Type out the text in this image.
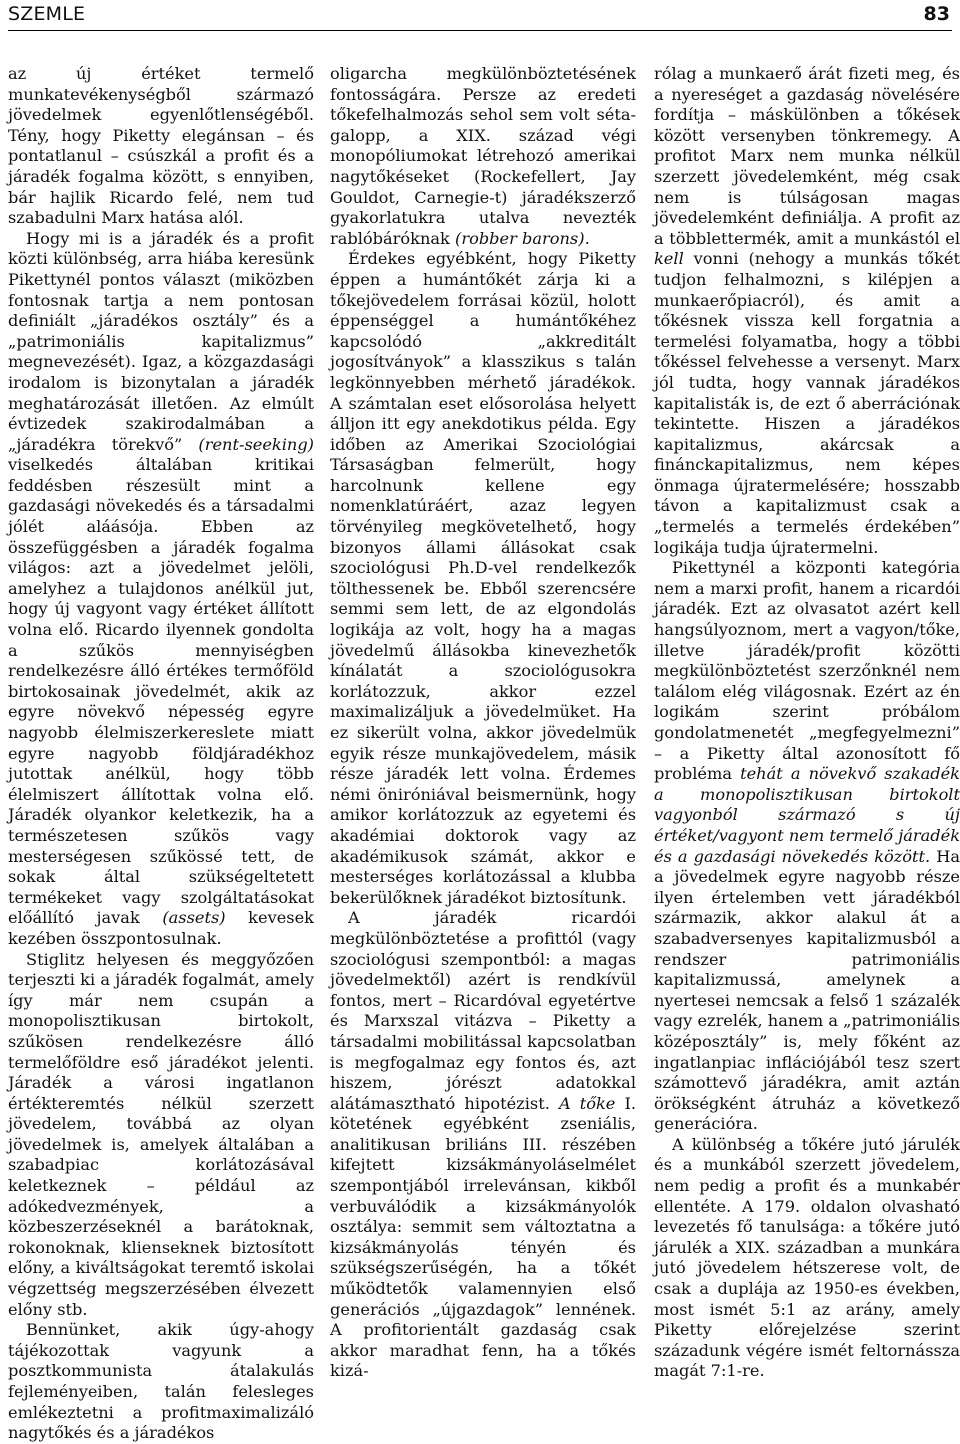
SZEMLE	83

az új értéket termelő munkatevékenységből származó jövedelmek egyenlőtlenségéből. Tény, hogy Piketty elegánsan – és pontatlanul – csúszkál a profit és a járadék fogalma között, s ennyiben, bár hajlik Ricardo felé, nem tud szabadulni Marx hatása alól.

Hogy mi is a járadék és a profit közti különbség, arra hiába keresünk Pikettynél pontos választ (miközben fontosnak tartja a nem pontosan definiált „járadékos osztály” és a „patrimoniális kapitalizmus” megnevezését). Igaz, a közgazdasági irodalom is bizonytalan a járadék meghatározását illetően. Az elmúlt évtizedek szakirodalmában a „járadékra törekvő” (rent-seeking) viselkedés általában kritikai feddésben részesült mint a gazdasági növekedés és a társadalmi jólét aláásója. Ebben az összefüggésben a járadék fogalma világos: azt a jövedelmet jelöli, amelyhez a tulajdonos anélkül jut, hogy új vagyont vagy értéket állított volna elő. Ricardo ilyennek gondolta a szűkös mennyiségben rendelkezésre álló értékes termőföld birtokosainak jövedelmét, akik az egyre növekvő népesség egyre nagyobb élelmiszerkereslete miatt egyre nagyobb földjáradékhoz jutottak anélkül, hogy több élelmiszert állítottak volna elő. Járadék olyankor keletkezik, ha a természetesen szűkös vagy mesterségesen szűkössé tett, de sokak által szükségeltetett termékeket vagy szolgáltatásokat előállító javak (assets) kevesek kezében összpontosulnak.

Stiglitz helyesen és meggyőzően terjeszti ki a járadék fogalmát, amely így már nem csupán a monopolisztikusan birtokolt, szűkösen rendelkezésre álló termelőföldre eső járadékot jelenti. Járadék a városi ingatlanon értékteremtés nélkül szerzett jövedelem, továbbá az olyan jövedelmek is, amelyek általában a szabadpiac korlátozásával keletkeznek – például az adókedvezmények, a közbeszerzéseknél a barátoknak, rokonoknak, klienseknek biztosított előny, a kiváltságokat teremtő iskolai végzettség megszerzésében élvezett előny stb.

Bennünket, akik úgy-ahogy tájékozottak vagyunk a posztkommunista átalakulás fejleményeiben, talán felesleges emlékeztetni a profitmaximalizáló nagytőkés és a járadékos

oligarcha megkülönböztetésének fontosságára. Persze az eredeti tőkefelhalmozás sehol sem volt séta-galopp, a XIX. század végi monopóliumokat létrehozó amerikai nagytőkéseket (Rockefellert, Jay Gouldot, Carnegie-t) járadékszerző gyakorlatukra utalva nevezték rablóbáróknak (robber barons).

Érdekes egyébként, hogy Piketty éppen a humántőkét zárja ki a tőkejövedelem forrásai közül, holott éppenséggel a humántőkéhez kapcsolódó „akkreditált jogosítványok” a klasszikus s talán legkönnyebben mérhető járadékok. A számtalan eset elősorolása helyett álljon itt egy anekdotikus példa. Egy időben az Amerikai Szociológiai Társaságban felmerült, hogy harcolnunk kellene egy nomenklatúráért, azaz legyen törvényileg megkövetelhető, hogy bizonyos állami állásokat csak szociológusi Ph.D-vel rendelkezők tölthessenek be. Ebből szerencsére semmi sem lett, de az elgondolás logikája az volt, hogy ha a magas jövedelmű állásokba kinevezhetők kínálatát a szociológusokra korlátozzuk, akkor ezzel maximalizáljuk a jövedelmüket. Ha ez sikerült volna, akkor jövedelmük egyik része munkajövedelem, másik része járadék lett volna. Érdemes némi öniróniával beismernünk, hogy amikor korlátozzuk az egyetemi és akadémiai doktorok vagy az akadémikusok számát, akkor e mesterséges korlátozással a klubba bekerülőknek járadékot biztosítunk.

A járadék ricardói megkülönböztetése a profittól (vagy szociológusi szempontból: a magas jövedelmektől) azért is rendkívül fontos, mert – Ricardóval egyetértve és Marxszal vitázva – Piketty a társadalmi mobilitással kapcsolatban is megfogalmaz egy fontos és, azt hiszem, jórészt adatokkal alátámasztható hipotézist. A tőke I. kötetének egyébként zseniális, analitikusan briliáns III. részében kifejtett kizsákmányoláselmélet szempontjából irrelevánsan, kikből verbuválódik a kizsákmányolók osztálya: semmit sem változtatna a kizsákmányolás tényén és szükségszerűségén, ha a tőkét működtetők valamennyien első generációs „újgazdagok” lennének. A profitorientált gazdaság csak akkor maradhat fenn, ha a tőkés kizá-

rólag a munkaerő árát fizeti meg, és a nyereséget a gazdaság növelésére fordítja – máskülönben a tőkések között versenyben tönkremegy. A profitot Marx nem munka nélkül szerzett jövedelemként, még csak nem is túlságosan magas jövedelemként definiálja. A profit az a többlettermék, amit a munkástól el kell vonni (nehogy a munkás tőkét tudjon felhalmozni, s kilépjen a munkaerőpiacról), és amit a tőkésnek vissza kell forgatnia a termelési folyamatba, hogy a többi tőkéssel felvehesse a versenyt. Marx jól tudta, hogy vannak járadékos kapitalisták is, de ezt ő aberrációnak tekintette. Hiszen a járadékos kapitalizmus, akárcsak a finánckapitalizmus, nem képes önmaga újratermelésére; hosszabb távon a kapitalizmust csak a „termelés a termelés érdekében” logikája tudja újratermelni.

Pikettynél a központi kategória nem a marxi profit, hanem a ricardói járadék. Ezt az olvasatot azért kell hangsúlyoznom, mert a vagyon/tőke, illetve járadék/profit közötti megkülönböztetést szerzőnknél nem találom elég világosnak. Ezért az én logikám szerint próbálom gondolatmenetét „megfegyelmezni” – a Piketty által azonosított fő probléma tehát a növekvő szakadék a monopolisztikusan birtokolt vagyonból származó s új értéket/vagyont nem termelő járadék és a gazdasági növekedés között. Ha a jövedelmek egyre nagyobb része ilyen értelemben vett járadékból származik, akkor alakul át a szabadversenyes kapitalizmusból a rendszer patrimoniális kapitalizmussá, amelynek a nyertesei nemcsak a felső 1 százalék vagy ezrelék, hanem a „patrimoniális középosztály” is, mely főként az ingatlanpiac inflációjából tesz szert számottevő járadékra, amit aztán örökségként átruház a következő generációra.

A különbség a tőkére jutó járulék és a munkából szerzett jövedelem, nem pedig a profit és a munkabér ellentéte. A 179. oldalon olvasható levezetés fő tanulsága: a tőkére jutó járulék a XIX. században a munkára jutó jövedelem hétszerese volt, de csak a duplája az 1950-es években, most ismét 5:1 az arány, amely Piketty előrejelzése szerint századunk végére ismét feltornássza magát 7:1-re.
